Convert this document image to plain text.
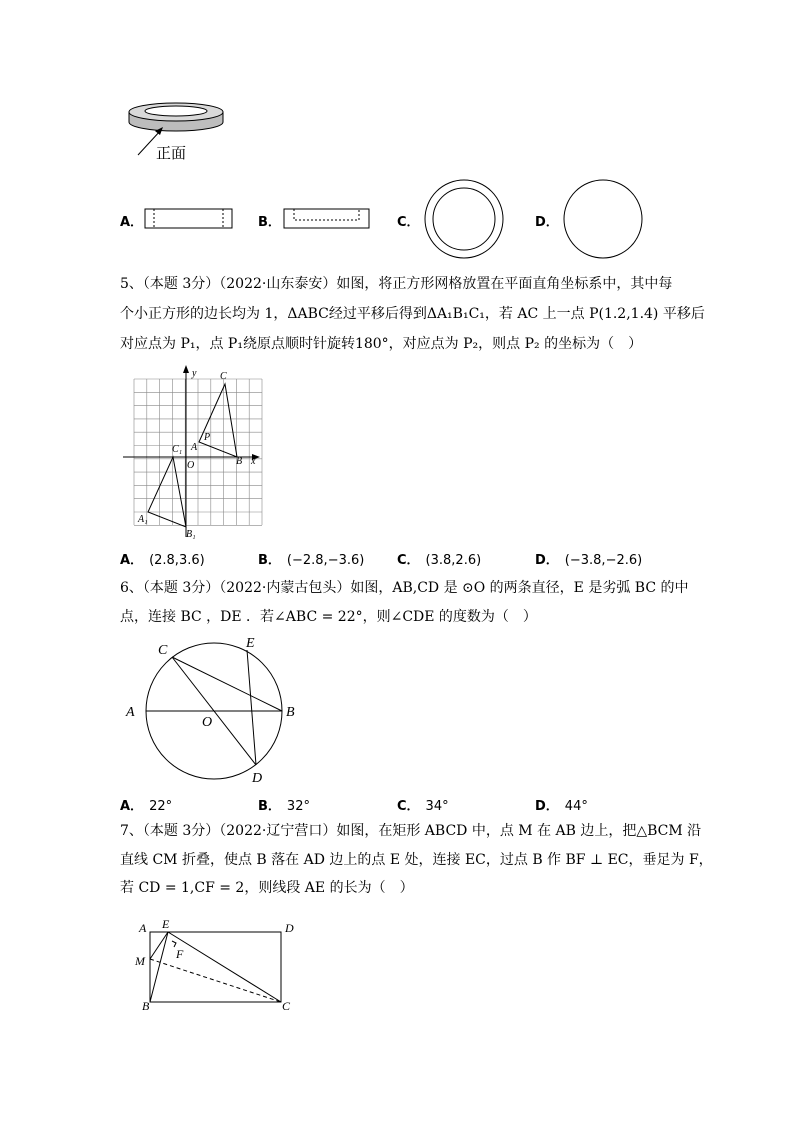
正面
A．	B．	C．	D．
5、（本题 3分）（2022·山东泰安）如图，将正方形网格放置在平面直角坐标系中，其中每
个小正方形的边长均为 1，ΔABC经过平移后得到ΔA₁B₁C₁，若 AC 上一点 P(1.2,1.4) 平移后
对应点为 P₁，点 P₁绕原点顺时针旋转180°，对应点为 P₂，则点 P₂ 的坐标为（　）
y
x
C
P
A
B
O
C₁
A₁
B₁
A． (2.8,3.6)	B． (−2.8,−3.6)	C． (3.8,2.6)	D． (−3.8,−2.6)
6、（本题 3分）（2022·内蒙古包头）如图，AB,CD 是 ⊙O 的两条直径，E 是劣弧 BC 的中
点，连接 BC ，DE ．若∠ABC = 22°，则∠CDE 的度数为（　）
C	E
A
O
B
D
A． 22°	B． 32°	C． 34°	D． 44°
7、（本题 3分）（2022·辽宁营口）如图，在矩形 ABCD 中，点 M 在 AB 边上，把△BCM 沿
直线 CM 折叠，使点 B 落在 AD 边上的点 E 处，连接 EC，过点 B 作 BF ⊥ EC，垂足为 F，
若 CD = 1,CF = 2，则线段 AE 的长为（　）
A E	D
M	F
B	C
